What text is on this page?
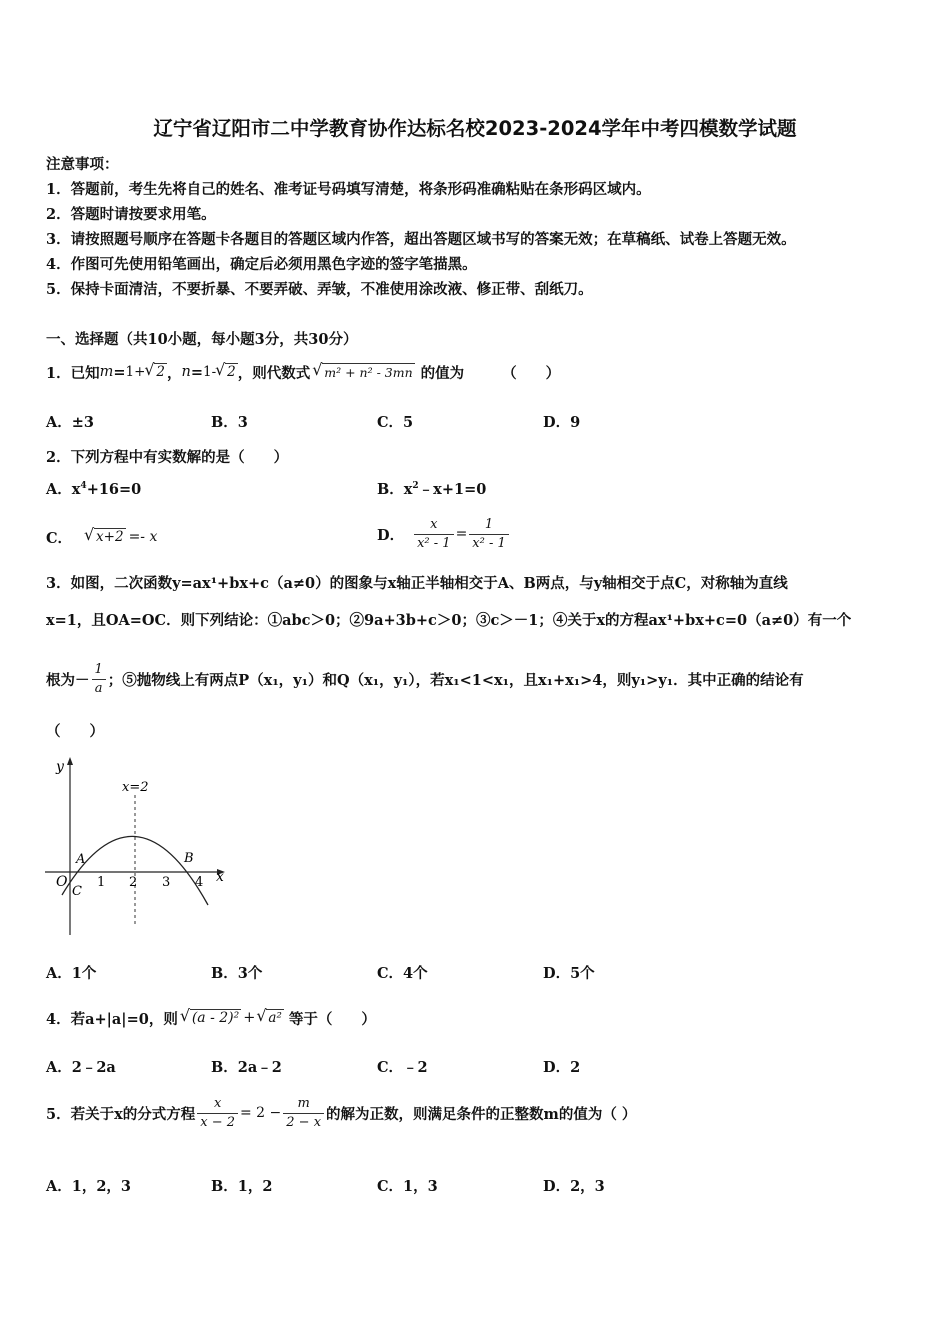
辽宁省辽阳市二中学教育协作达标名校2023-2024学年中考四模数学试题
注意事项：
1．答题前，考生先将自己的姓名、准考证号码填写清楚，将条形码准确粘贴在条形码区域内。
2．答题时请按要求用笔。
3．请按照题号顺序在答题卡各题目的答题区域内作答，超出答题区域书写的答案无效；在草稿纸、试卷上答题无效。
4．作图可先使用铅笔画出，确定后必须用黑色字迹的签字笔描黑。
5．保持卡面清洁，不要折暴、不要弄破、弄皱，不准使用涂改液、修正带、刮纸刀。
一、选择题（共10小题，每小题3分，共30分）
1．已知 m = 1+ √ 2 ， n = 1- √ 2 ，则代数式 √ m² + n² - 3mn 的值为	（　　）
A．±3	B．3	C．5	D．9
2．下列方程中有实数解的是（　　）
A．$x^4+16=0$	B．$x^2﹣x+1=0$
C． √ x+2 =- x	D． $\frac{x}{\text{x² - 1}} = \frac{1}{\text{x² - 1}}$
3．如图，二次函数y=ax¹+bx+c（a≠0）的图象与x轴正半轴相交于A、B两点，与y轴相交于点C，对称轴为直线
x=1，且OA=OC．则下列结论：①abc＞0；②9a+3b+c＞0；③c＞－1；④关于x的方程ax¹+bx+c=0（a≠0）有一个
根为－ $\frac{1}{a}$ ；⑤抛物线上有两点P（x₁，y₁）和Q（x₁，y₁），若x₁<1<x₁，且x₁+x₁>4，则y₁>y₁．其中正确的结论有
（　　）
y
x
x=2
O
A	B
C
1 2 3 4
A．1个	B．3个	C．4个	D．5个
4．若a+|a|=0，则 √ (a - 2)² + √ a² 等于（　　）
A．2﹣2a	B．2a﹣2	C．﹣2	D．2
5．若关于x的分式方程 $\frac{x}{x - 2} = 2 - \frac{m}{2 - x}$ 的解为正数，则满足条件的正整数m的值为（ ）
A．1，2，3	B．1，2	C．1，3	D．2，3
